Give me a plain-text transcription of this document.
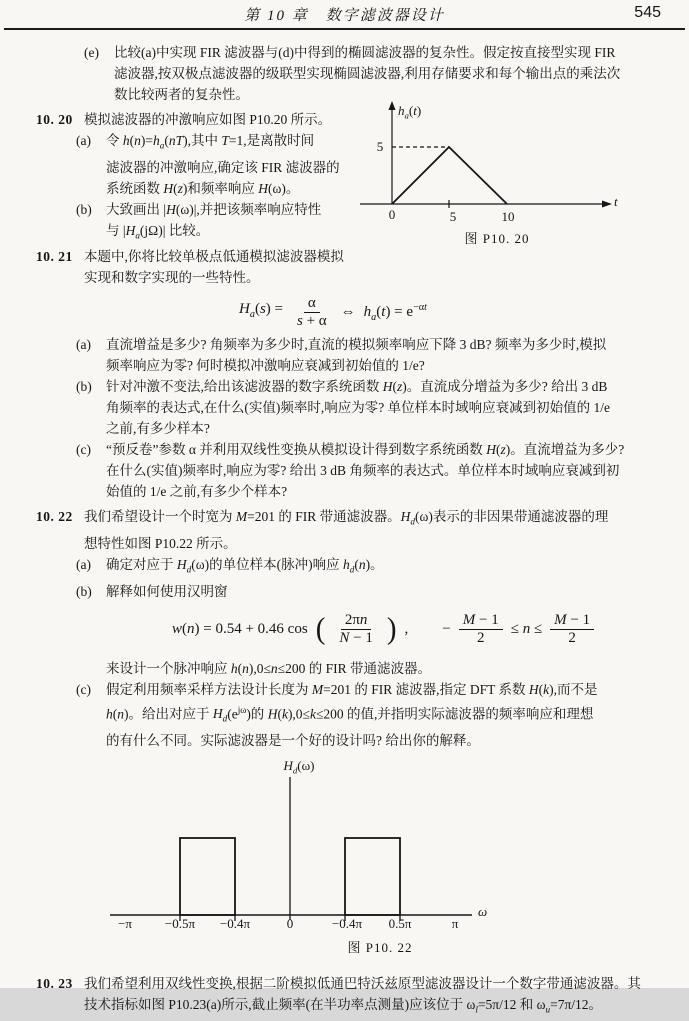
第 10 章　数字滤波器设计	545
(e)	比较(a)中实现 FIR 滤波器与(d)中得到的椭圆滤波器的复杂性。假定按直接型实现 FIR
滤波器,按双极点滤波器的级联型实现椭圆滤波器,利用存储要求和每个输出点的乘法次
数比较两者的复杂性。
10. 20 模拟滤波器的冲激响应如图 P10.20 所示。
(a)	令 $h(n)=h_a(nT)$,其中 T=1,是离散时间
滤波器的冲激响应,确定该 FIR 滤波器的
系统函数 H(z)和频率响应 H(ω)。
(b)	大致画出 |H(ω)|,并把该频率响应特性
与 $|H_a(j\Omega)|$ 比较。
10. 21 本题中,你将比较单极点低通模拟滤波器模拟
实现和数字实现的一些特性。
$H_a(s) = \frac{\alpha}{s + \alpha}$ ⇔ $h_a(t) = e^{-\alpha t}$
(a)	直流增益是多少? 角频率为多少时,直流的模拟频率响应下降 3 dB? 频率为多少时,模拟
频率响应为零? 何时模拟冲激响应衰减到初始值的 1/e?
(b)	针对冲激不变法,给出该滤波器的数字系统函数 H(z)。直流成分增益为多少? 给出 3 dB
角频率的表达式,在什么(实值)频率时,响应为零? 单位样本时域响应衰减到初始值的 1/e
之前,有多少样本?
(c)	“预反卷”参数 α 并利用双线性变换从模拟设计得到数字系统函数 H(z)。直流增益为多少?
在什么(实值)频率时,响应为零? 给出 3 dB 角频率的表达式。单位样本时域响应衰减到初
始值的 1/e 之前,有多少个样本?
10. 22 我们希望设计一个时宽为 M=201 的 FIR 带通滤波器。$H_d(\omega)$表示的非因果带通滤波器的理
想特性如图 P10.22 所示。
(a)	确定对应于 $H_d(\omega)$的单位样本(脉冲)响应 $h_d(n)$。
(b)	解释如何使用汉明窗
w(n) = 0.54 + 0.46 cos ( $\frac{2\pi n}{N - 1}$ ) , − $\frac{M - 1}{2} \le n \le \frac{M - 1}{2}$
来设计一个脉冲响应 h(n),0≤n≤200 的 FIR 带通滤波器。
(c)	假定利用频率采样方法设计长度为 M=201 的 FIR 滤波器,指定 DFT 系数 H(k),而不是
h(n)。给出对应于 $H_d(e^{j\omega})$的 H(k),0≤k≤200 的值,并指明实际滤波器的频率响应和理想
的有什么不同。实际滤波器是一个好的设计吗? 给出你的解释。
$H_d(\omega)$
ω
−π	−0.5π −0.4π	0	−0.4π 0.5π	π
图 P10. 22
10. 23 我们希望利用双线性变换,根据二阶模拟低通巴特沃兹原型滤波器设计一个数字带通滤波器。其
技术指标如图 P10.23(a)所示,截止频率(在半功率点测量)应该位于 $\omega_l=5\pi/12$ 和 $\omega_u=7\pi/12$。
$h_a(t)$
5
0	5	10
t
图 P10. 20
